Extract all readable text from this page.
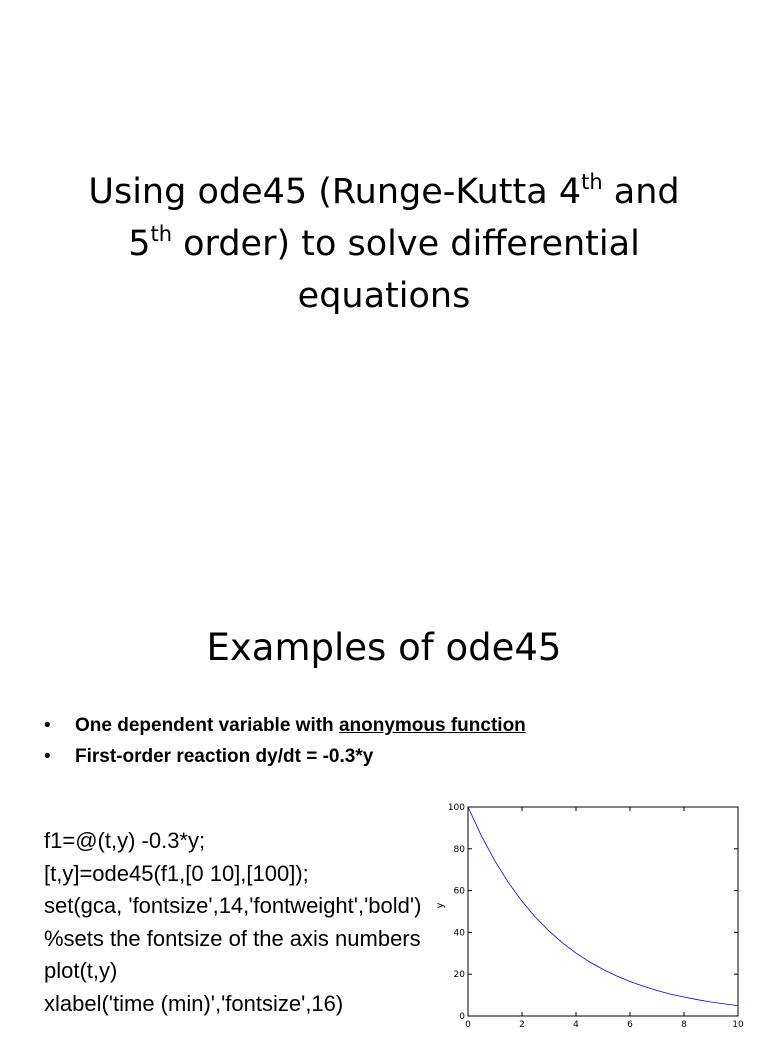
Using ode45 (Runge-Kutta 4th and
5th order) to solve differential
equations
Examples of ode45
• One dependent variable with anonymous function
• First-order reaction dy/dt = -0.3*y
f1=@(t,y) -0.3*y;
[t,y]=ode45(f1,[0 10],[100]);
set(gca, 'fontsize',14,'fontweight','bold')
%sets the fontsize of the axis numbers
plot(t,y)
xlabel('time (min)','fontsize',16)
0
20
40
60
80
100
0	2	4	6	8	10
y
